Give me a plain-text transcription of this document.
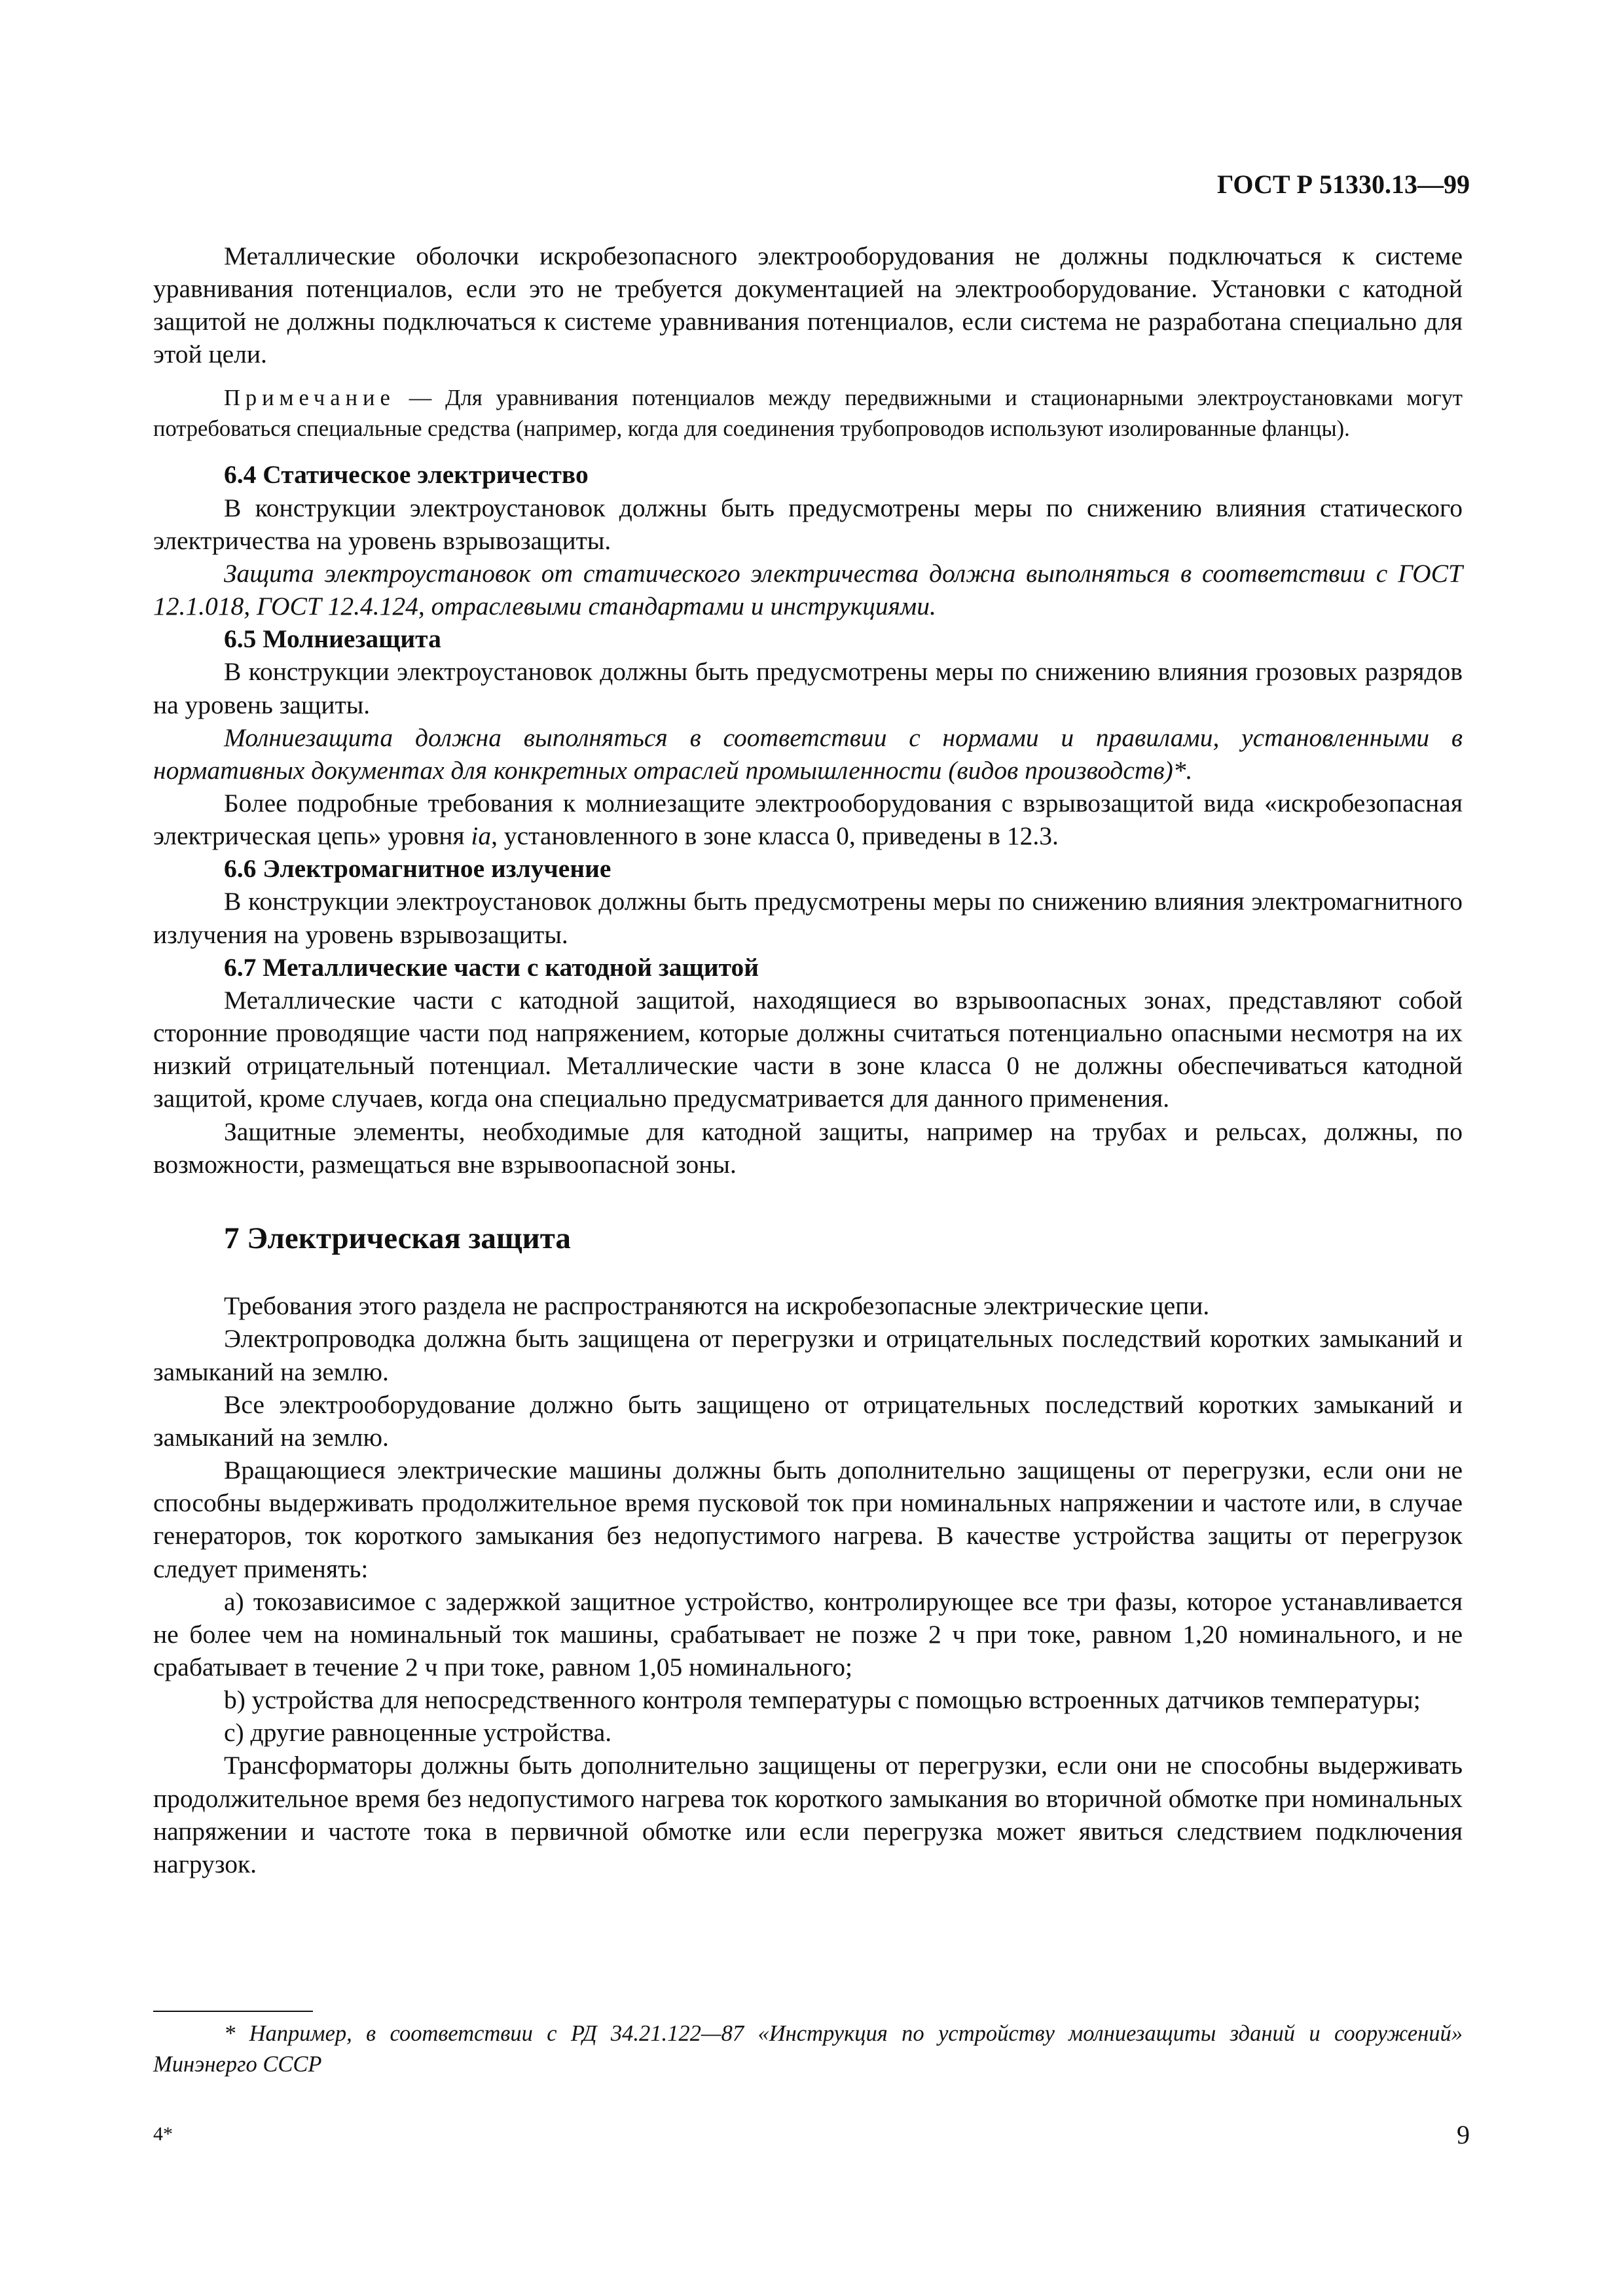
ГОСТ Р 51330.13—99

Металлические оболочки искробезопасного электрооборудования не должны подключаться к системе уравнивания потенциалов, если это не требуется документацией на электрооборудование. Установки с катодной защитой не должны подключаться к системе уравнивания потенциалов, если система не разработана специально для этой цели.

Примечание — Для уравнивания потенциалов между передвижными и стационарными электроустановками могут потребоваться специальные средства (например, когда для соединения трубопроводов используют изолированные фланцы).

6.4 Статическое электричество

В конструкции электроустановок должны быть предусмотрены меры по снижению влияния статического электричества на уровень взрывозащиты.

Защита электроустановок от статического электричества должна выполняться в соответствии с ГОСТ 12.1.018, ГОСТ 12.4.124, отраслевыми стандартами и инструкциями.

6.5 Молниезащита

В конструкции электроустановок должны быть предусмотрены меры по снижению влияния грозовых разрядов на уровень защиты.

Молниезащита должна выполняться в соответствии с нормами и правилами, установленными в нормативных документах для конкретных отраслей промышленности (видов производств)*.

Более подробные требования к молниезащите электрооборудования с взрывозащитой вида «искробезопасная электрическая цепь» уровня ia, установленного в зоне класса 0, приведены в 12.3.

6.6 Электромагнитное излучение

В конструкции электроустановок должны быть предусмотрены меры по снижению влияния электромагнитного излучения на уровень взрывозащиты.

6.7 Металлические части с катодной защитой

Металлические части с катодной защитой, находящиеся во взрывоопасных зонах, представляют собой сторонние проводящие части под напряжением, которые должны считаться потенциально опасными несмотря на их низкий отрицательный потенциал. Металлические части в зоне класса 0 не должны обеспечиваться катодной защитой, кроме случаев, когда она специально предусматривается для данного применения.

Защитные элементы, необходимые для катодной защиты, например на трубах и рельсах, должны, по возможности, размещаться вне взрывоопасной зоны.

7 Электрическая защита

Требования этого раздела не распространяются на искробезопасные электрические цепи.

Электропроводка должна быть защищена от перегрузки и отрицательных последствий коротких замыканий и замыканий на землю.

Все электрооборудование должно быть защищено от отрицательных последствий коротких замыканий и замыканий на землю.

Вращающиеся электрические машины должны быть дополнительно защищены от перегрузки, если они не способны выдерживать продолжительное время пусковой ток при номинальных напряжении и частоте или, в случае генераторов, ток короткого замыкания без недопустимого нагрева. В качестве устройства защиты от перегрузок следует применять:

а) токозависимое с задержкой защитное устройство, контролирующее все три фазы, которое устанавливается не более чем на номинальный ток машины, срабатывает не позже 2 ч при токе, равном 1,20 номинального, и не срабатывает в течение 2 ч при токе, равном 1,05 номинального;

b) устройства для непосредственного контроля температуры с помощью встроенных датчиков температуры;

с) другие равноценные устройства.

Трансформаторы должны быть дополнительно защищены от перегрузки, если они не способны выдерживать продолжительное время без недопустимого нагрева ток короткого замыкания во вторичной обмотке при номинальных напряжении и частоте тока в первичной обмотке или если перегрузка может явиться следствием подключения нагрузок.

* Например, в соответствии с РД 34.21.122—87 «Инструкция по устройству молниезащиты зданий и сооружений» Минэнерго СССР
4*	9
